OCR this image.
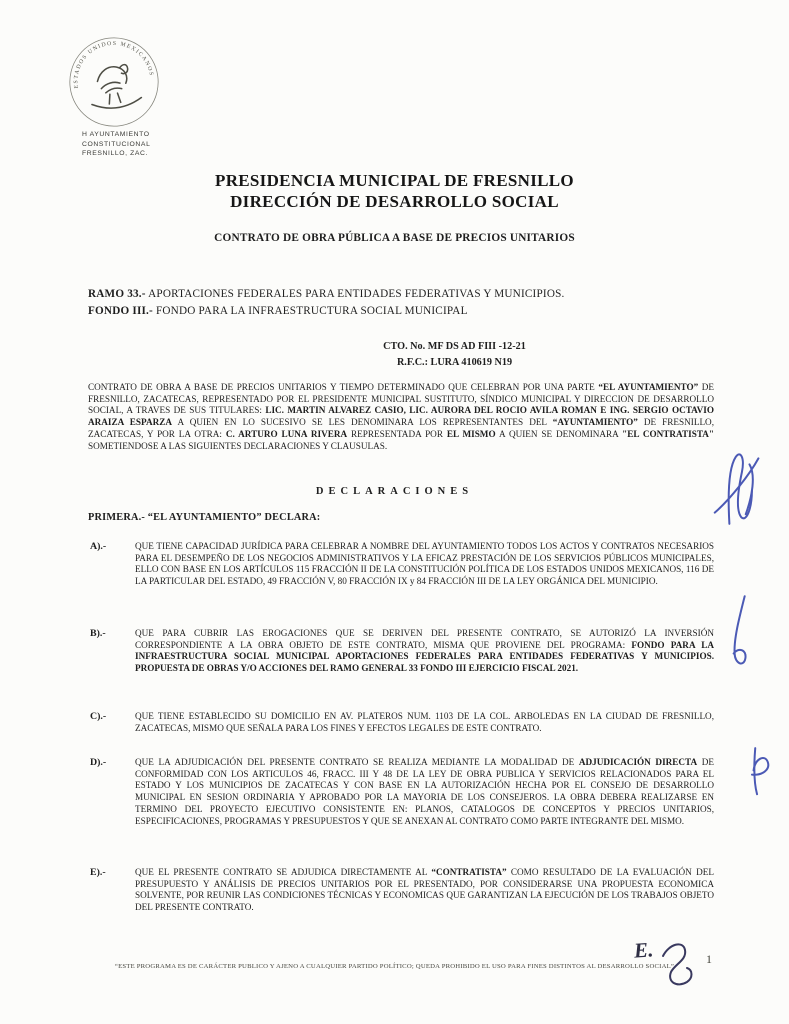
ESTADOS UNIDOS MEXICANOS
H AYUNTAMIENTO
CONSTITUCIONAL
FRESNILLO, ZAC.
PRESIDENCIA MUNICIPAL DE FRESNILLO
DIRECCIÓN DE DESARROLLO SOCIAL
CONTRATO DE OBRA PÚBLICA A BASE DE PRECIOS UNITARIOS
RAMO 33.- APORTACIONES FEDERALES PARA ENTIDADES FEDERATIVAS Y MUNICIPIOS.
FONDO III.- FONDO PARA LA INFRAESTRUCTURA SOCIAL MUNICIPAL
CTO. No. MF DS AD FIII -12-21
R.F.C.: LURA 410619 N19
CONTRATO DE OBRA A BASE DE PRECIOS UNITARIOS Y TIEMPO DETERMINADO QUE CELEBRAN POR UNA PARTE “EL AYUNTAMIENTO” DE FRESNILLO, ZACATECAS, REPRESENTADO POR EL PRESIDENTE MUNICIPAL SUSTITUTO, SÍNDICO MUNICIPAL Y DIRECCION DE DESARROLLO SOCIAL, A TRAVES DE SUS TITULARES: LIC. MARTIN ALVAREZ CASIO, LIC. AURORA DEL ROCIO AVILA ROMAN E ING. SERGIO OCTAVIO ARAIZA ESPARZA A QUIEN EN LO SUCESIVO SE LES DENOMINARA LOS REPRESENTANTES DEL “AYUNTAMIENTO” DE FRESNILLO, ZACATECAS, Y POR LA OTRA: C. ARTURO LUNA RIVERA REPRESENTADA POR EL MISMO A QUIEN SE DENOMINARA "EL CONTRATISTA" SOMETIENDOSE A LAS SIGUIENTES DECLARACIONES Y CLAUSULAS.
DECLARACIONES
PRIMERA.- “EL AYUNTAMIENTO” DECLARA:
A).-	QUE TIENE CAPACIDAD JURÍDICA PARA CELEBRAR A NOMBRE DEL AYUNTAMIENTO TODOS LOS ACTOS Y CONTRATOS NECESARIOS PARA EL DESEMPEÑO DE LOS NEGOCIOS ADMINISTRATIVOS Y LA EFICAZ PRESTACIÓN DE LOS SERVICIOS PÚBLICOS MUNICIPALES, ELLO CON BASE EN LOS ARTÍCULOS 115 FRACCIÓN II DE LA CONSTITUCIÓN POLÍTICA DE LOS ESTADOS UNIDOS MEXICANOS, 116 DE LA PARTICULAR DEL ESTADO, 49 FRACCIÓN V, 80 FRACCIÓN IX y 84 FRACCIÓN III DE LA LEY ORGÁNICA DEL MUNICIPIO.
B).-	QUE PARA CUBRIR LAS EROGACIONES QUE SE DERIVEN DEL PRESENTE CONTRATO, SE AUTORIZÓ LA INVERSIÓN CORRESPONDIENTE A LA OBRA OBJETO DE ESTE CONTRATO, MISMA QUE PROVIENE DEL PROGRAMA: FONDO PARA LA INFRAESTRUCTURA SOCIAL MUNICIPAL APORTACIONES FEDERALES PARA ENTIDADES FEDERATIVAS Y MUNICIPIOS. PROPUESTA DE OBRAS Y/O ACCIONES DEL RAMO GENERAL 33 FONDO III EJERCICIO FISCAL 2021.
C).-	QUE TIENE ESTABLECIDO SU DOMICILIO EN AV. PLATEROS NUM. 1103 DE LA COL. ARBOLEDAS EN LA CIUDAD DE FRESNILLO, ZACATECAS, MISMO QUE SEÑALA PARA LOS FINES Y EFECTOS LEGALES DE ESTE CONTRATO.
D).-	QUE LA ADJUDICACIÓN DEL PRESENTE CONTRATO SE REALIZA MEDIANTE LA MODALIDAD DE ADJUDICACIÓN DIRECTA DE CONFORMIDAD CON LOS ARTICULOS 46, FRACC. III Y 48 DE LA LEY DE OBRA PUBLICA Y SERVICIOS RELACIONADOS PARA EL ESTADO Y LOS MUNICIPIOS DE ZACATECAS Y CON BASE EN LA AUTORIZACIÓN HECHA POR EL CONSEJO DE DESARROLLO MUNICIPAL EN SESION ORDINARIA Y APROBADO POR LA MAYORIA DE LOS CONSEJEROS. LA OBRA DEBERA REALIZARSE EN TERMINO DEL PROYECTO EJECUTIVO CONSISTENTE EN: PLANOS, CATALOGOS DE CONCEPTOS Y PRECIOS UNITARIOS, ESPECIFICACIONES, PROGRAMAS Y PRESUPUESTOS Y QUE SE ANEXAN AL CONTRATO COMO PARTE INTEGRANTE DEL MISMO.
E).-	QUE EL PRESENTE CONTRATO SE ADJUDICA DIRECTAMENTE AL “CONTRATISTA” COMO RESULTADO DE LA EVALUACIÓN DEL PRESUPUESTO Y ANÁLISIS DE PRECIOS UNITARIOS POR EL PRESENTADO, POR CONSIDERARSE UNA PROPUESTA ECONOMICA SOLVENTE, POR REUNIR LAS CONDICIONES TÉCNICAS Y ECONOMICAS QUE GARANTIZAN LA EJECUCIÓN DE LOS TRABAJOS OBJETO DEL PRESENTE CONTRATO.
E.
“ESTE PROGRAMA ES DE CARÁCTER PUBLICO Y AJENO A CUALQUIER PARTIDO POLÍTICO; QUEDA PROHIBIDO EL USO PARA FINES DISTINTOS AL DESARROLLO SOCIAL”
1
